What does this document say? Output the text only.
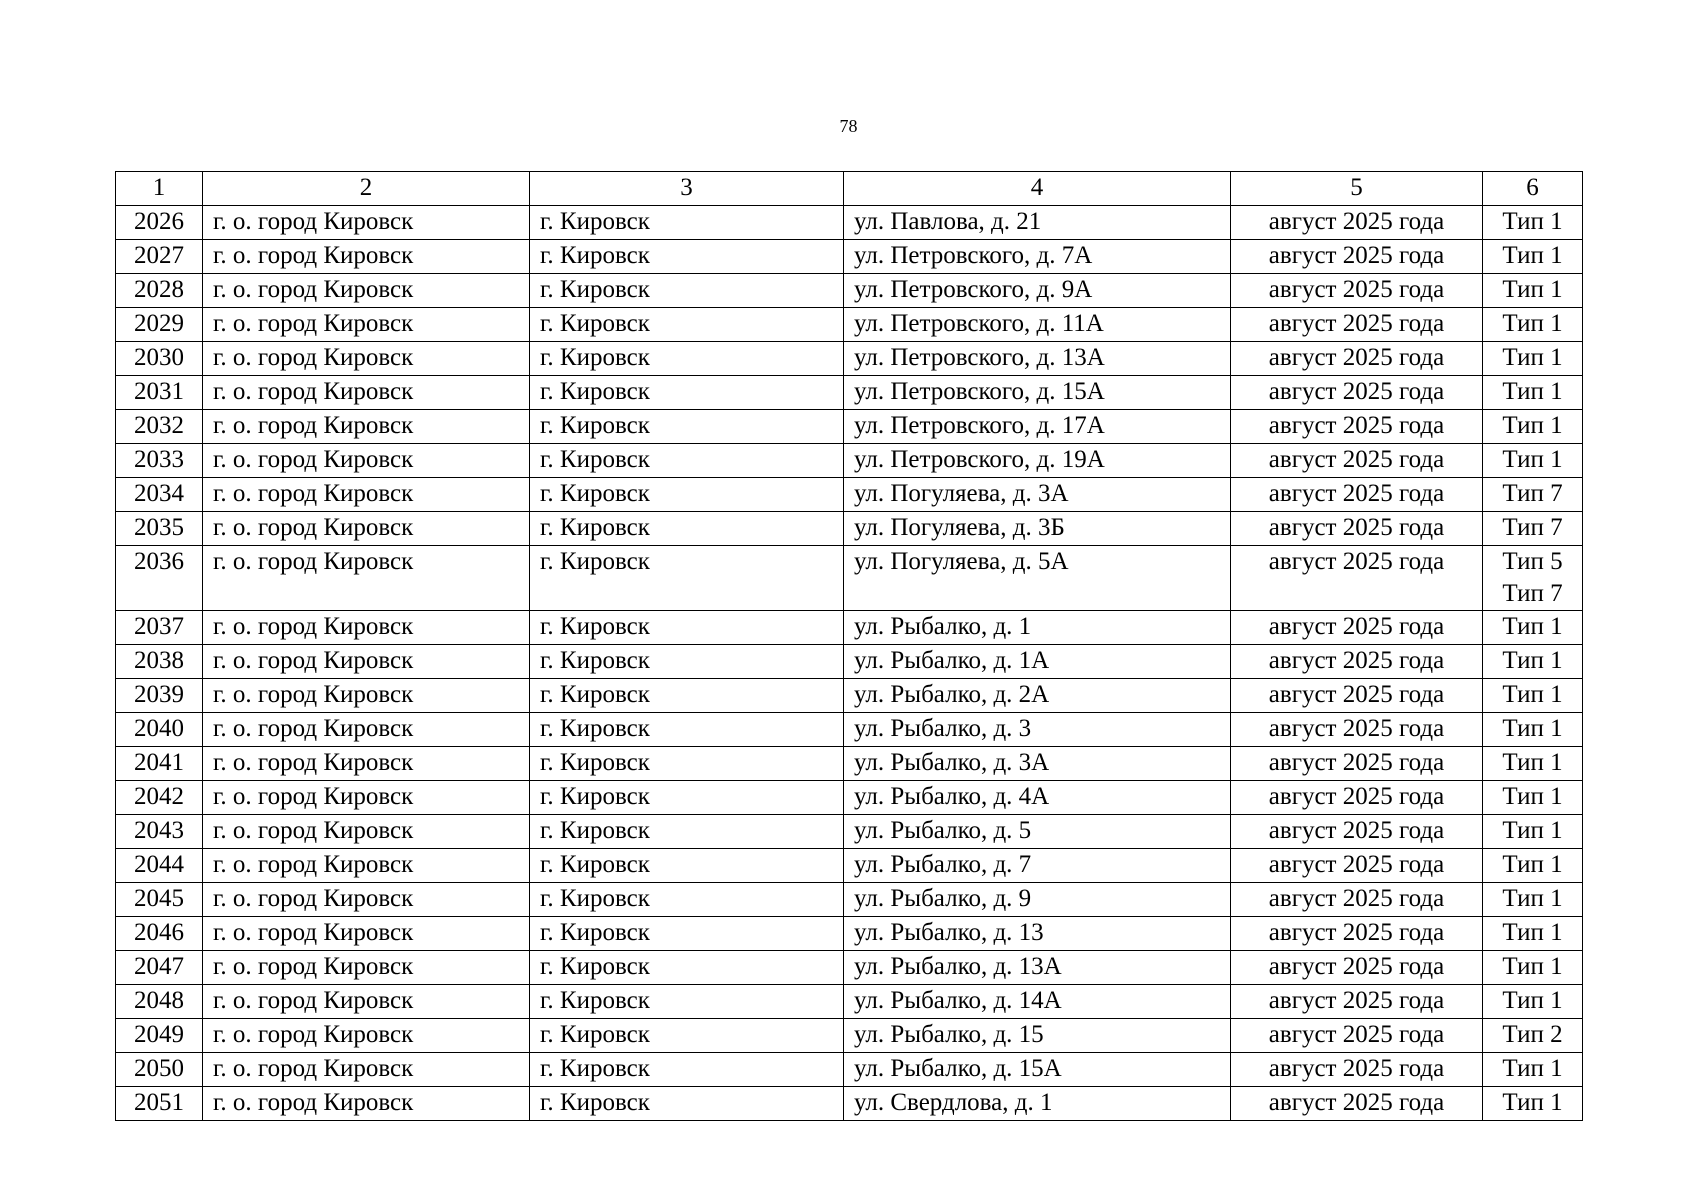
78
1	2	3	4	5	6
2026	г. о. город Кировск	г. Кировск	ул. Павлова, д. 21	август 2025 года	Тип 1

2027	г. о. город Кировск	г. Кировск	ул. Петровского, д. 7А	август 2025 года	Тип 1

2028	г. о. город Кировск	г. Кировск	ул. Петровского, д. 9А	август 2025 года	Тип 1

2029	г. о. город Кировск	г. Кировск	ул. Петровского, д. 11А	август 2025 года	Тип 1

2030	г. о. город Кировск	г. Кировск	ул. Петровского, д. 13А	август 2025 года	Тип 1

2031	г. о. город Кировск	г. Кировск	ул. Петровского, д. 15А	август 2025 года	Тип 1

2032	г. о. город Кировск	г. Кировск	ул. Петровского, д. 17А	август 2025 года	Тип 1

2033	г. о. город Кировск	г. Кировск	ул. Петровского, д. 19А	август 2025 года	Тип 1

2034	г. о. город Кировск	г. Кировск	ул. Погуляева, д. 3А	август 2025 года	Тип 7

2035	г. о. город Кировск	г. Кировск	ул. Погуляева, д. 3Б	август 2025 года	Тип 7

2036	г. о. город Кировск	г. Кировск	ул. Погуляева, д. 5А	август 2025 года	Тип 5
Тип 7

2037	г. о. город Кировск	г. Кировск	ул. Рыбалко, д. 1	август 2025 года	Тип 1

2038	г. о. город Кировск	г. Кировск	ул. Рыбалко, д. 1А	август 2025 года	Тип 1

2039	г. о. город Кировск	г. Кировск	ул. Рыбалко, д. 2А	август 2025 года	Тип 1

2040	г. о. город Кировск	г. Кировск	ул. Рыбалко, д. 3	август 2025 года	Тип 1

2041	г. о. город Кировск	г. Кировск	ул. Рыбалко, д. 3А	август 2025 года	Тип 1

2042	г. о. город Кировск	г. Кировск	ул. Рыбалко, д. 4А	август 2025 года	Тип 1

2043	г. о. город Кировск	г. Кировск	ул. Рыбалко, д. 5	август 2025 года	Тип 1

2044	г. о. город Кировск	г. Кировск	ул. Рыбалко, д. 7	август 2025 года	Тип 1

2045	г. о. город Кировск	г. Кировск	ул. Рыбалко, д. 9	август 2025 года	Тип 1

2046	г. о. город Кировск	г. Кировск	ул. Рыбалко, д. 13	август 2025 года	Тип 1

2047	г. о. город Кировск	г. Кировск	ул. Рыбалко, д. 13А	август 2025 года	Тип 1

2048	г. о. город Кировск	г. Кировск	ул. Рыбалко, д. 14А	август 2025 года	Тип 1

2049	г. о. город Кировск	г. Кировск	ул. Рыбалко, д. 15	август 2025 года	Тип 2

2050	г. о. город Кировск	г. Кировск	ул. Рыбалко, д. 15А	август 2025 года	Тип 1

2051	г. о. город Кировск	г. Кировск	ул. Свердлова, д. 1	август 2025 года	Тип 1
